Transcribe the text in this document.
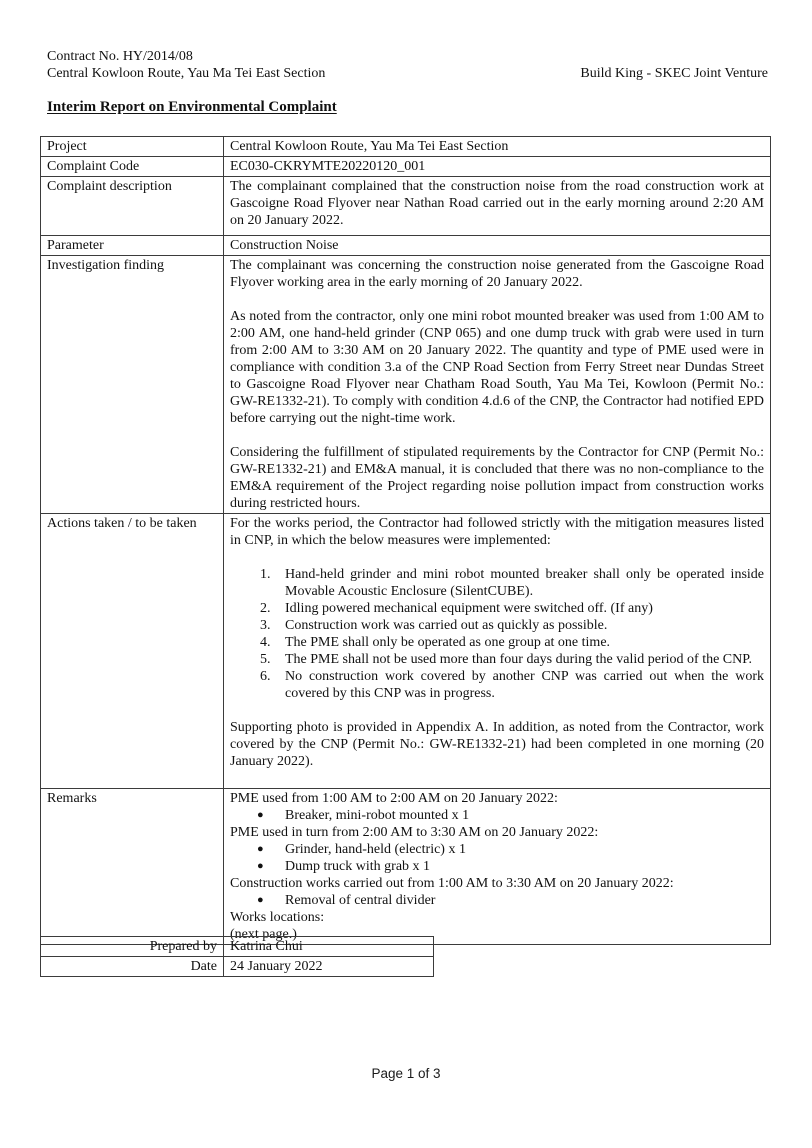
Contract No. HY/2014/08
Central Kowloon Route, Yau Ma Tei East Section	Build King - SKEC Joint Venture
Interim Report on Environmental Complaint
Project	Central Kowloon Route, Yau Ma Tei East Section
Complaint Code	EC030-CKRYMTE20220120_001
Complaint description	The complainant complained that the construction noise from the road construction work at Gascoigne Road Flyover near Nathan Road carried out in the early morning around 2:20 AM on 20 January 2022.
Parameter	Construction Noise
Investigation finding	The complainant was concerning the construction noise generated from the Gascoigne Road Flyover working area in the early morning of 20 January 2022.
As noted from the contractor, only one mini robot mounted breaker was used from 1:00 AM to 2:00 AM, one hand-held grinder (CNP 065) and one dump truck with grab were used in turn from 2:00 AM to 3:30 AM on 20 January 2022. The quantity and type of PME used were in compliance with condition 3.a of the CNP Road Section from Ferry Street near Dundas Street to Gascoigne Road Flyover near Chatham Road South, Yau Ma Tei, Kowloon (Permit No.: GW-RE1332-21). To comply with condition 4.d.6 of the CNP, the Contractor had notified EPD before carrying out the night-time work.
Considering the fulfillment of stipulated requirements by the Contractor for CNP (Permit No.: GW-RE1332-21) and EM&A manual, it is concluded that there was no non-compliance to the EM&A requirement of the Project regarding noise pollution impact from construction works during restricted hours.

Actions taken / to be taken	For the works period, the Contractor had followed strictly with the mitigation measures listed in CNP, in which the below measures were implemented:
1.	Hand-held grinder and mini robot mounted breaker shall only be operated inside Movable Acoustic Enclosure (SilentCUBE).
2.	Idling powered mechanical equipment were switched off. (If any)
3.	Construction work was carried out as quickly as possible.
4.	The PME shall only be operated as one group at one time.
5.	The PME shall not be used more than four days during the valid period of the CNP.
6.	No construction work covered by another CNP was carried out when the work covered by this CNP was in progress.
Supporting photo is provided in Appendix A. In addition, as noted from the Contractor, work covered by the CNP (Permit No.: GW-RE1332-21) had been completed in one morning (20 January 2022).

Remarks	PME used from 1:00 AM to 2:00 AM on 20 January 2022:
●	Breaker, mini-robot mounted x 1
PME used in turn from 2:00 AM to 3:30 AM on 20 January 2022:
●	Grinder, hand-held (electric) x 1
●	Dump truck with grab x 1
Construction works carried out from 1:00 AM to 3:30 AM on 20 January 2022:
●	Removal of central divider
Works locations:
(next page.)
Prepared by	Katrina Chui
Date	24 January 2022
Page 1 of 3
